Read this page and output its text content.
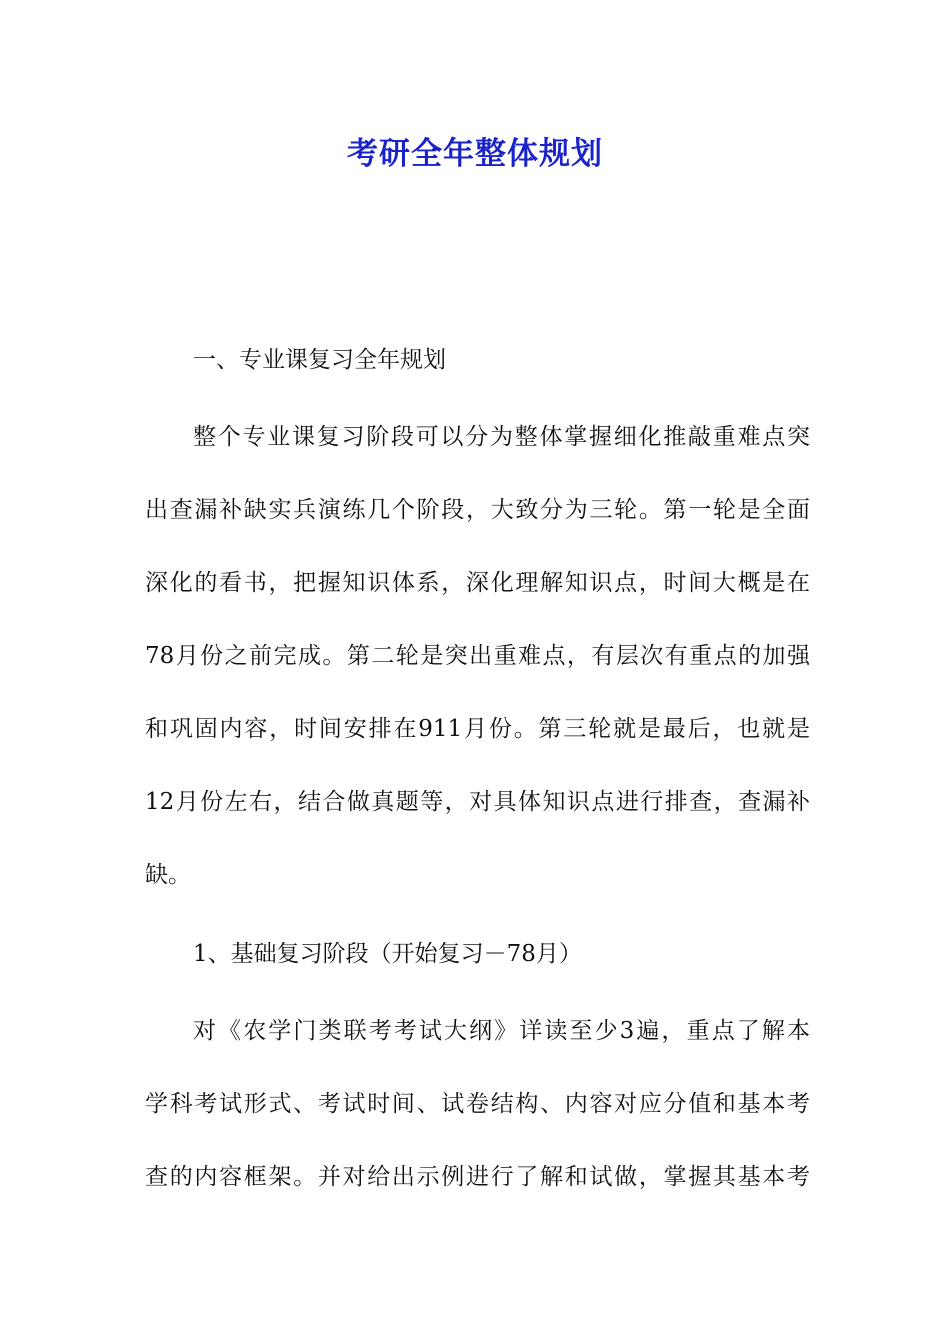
考研全年整体规划

一、专业课复习全年规划

整个专业课复习阶段可以分为整体掌握细化推敲重难点突

出查漏补缺实兵演练几个阶段，大致分为三轮。第一轮是全面

深化的看书，把握知识体系，深化理解知识点，时间大概是在

78月份之前完成。第二轮是突出重难点，有层次有重点的加强

和巩固内容，时间安排在911月份。第三轮就是最后，也就是

12月份左右，结合做真题等，对具体知识点进行排查，查漏补

缺。

1、基础复习阶段（开始复习－78月）

对《农学门类联考考试大纲》详读至少3遍，重点了解本

学科考试形式、考试时间、试卷结构、内容对应分值和基本考

查的内容框架。并对给出示例进行了解和试做，掌握其基本考
